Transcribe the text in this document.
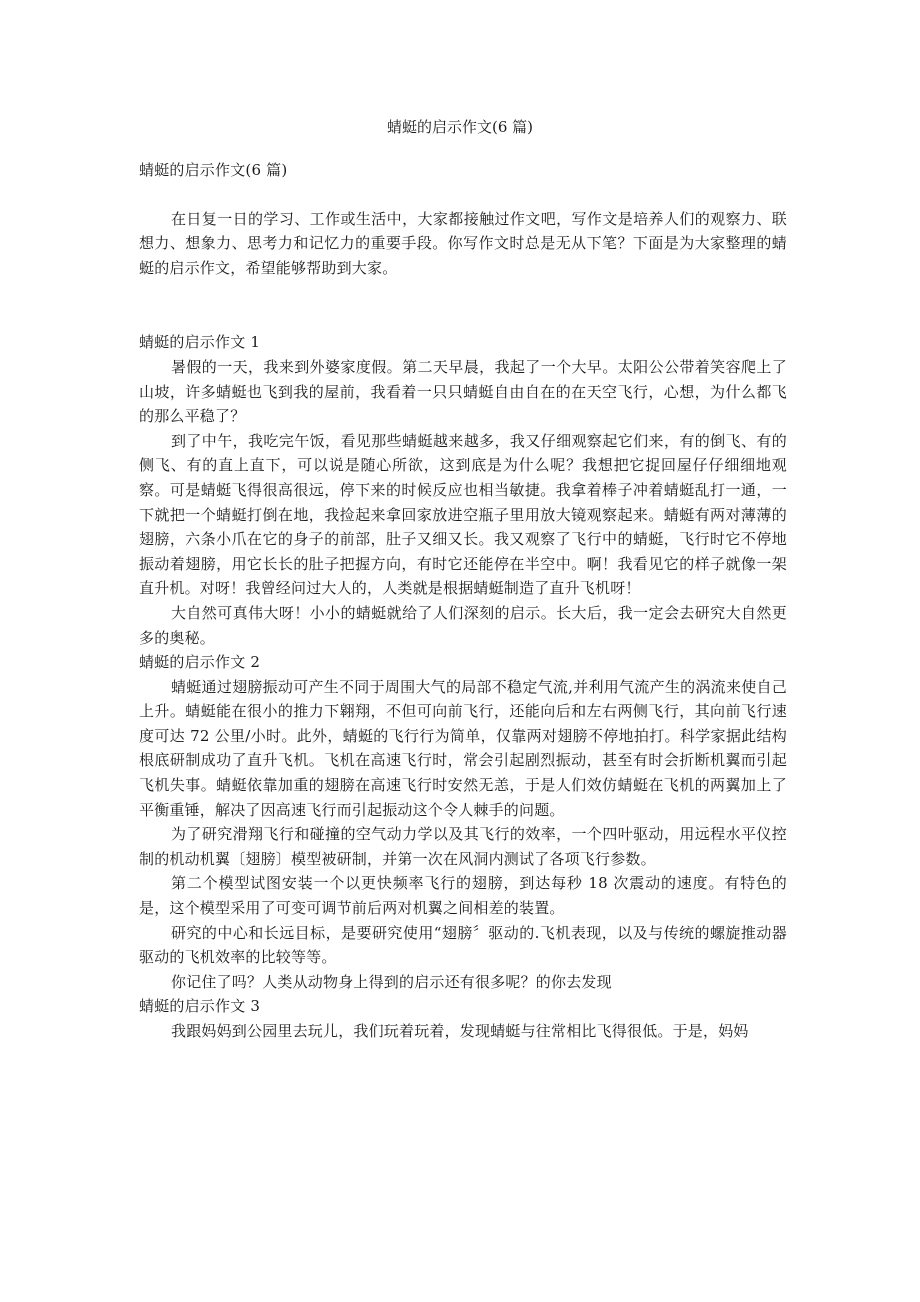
蜻蜓的启示作文(6 篇)

蜻蜓的启示作文(6 篇)

在日复一日的学习、工作或生活中，大家都接触过作文吧，写作文是培养人们的观察力、联想力、想象力、思考力和记忆力的重要手段。你写作文时总是无从下笔？下面是为大家整理的蜻蜓的启示作文，希望能够帮助到大家。

蜻蜓的启示作文 1

暑假的一天，我来到外婆家度假。第二天早晨，我起了一个大早。太阳公公带着笑容爬上了山坡，许多蜻蜓也飞到我的屋前，我看着一只只蜻蜓自由自在的在天空飞行，心想，为什么都飞的那么平稳了？

到了中午，我吃完午饭，看见那些蜻蜓越来越多，我又仔细观察起它们来，有的倒飞、有的侧飞、有的直上直下，可以说是随心所欲，这到底是为什么呢？我想把它捉回屋仔仔细细地观察。可是蜻蜓飞得很高很远，停下来的时候反应也相当敏捷。我拿着棒子冲着蜻蜓乱打一通，一下就把一个蜻蜓打倒在地，我捡起来拿回家放进空瓶子里用放大镜观察起来。蜻蜓有两对薄薄的翅膀，六条小爪在它的身子的前部，肚子又细又长。我又观察了飞行中的蜻蜓，飞行时它不停地振动着翅膀，用它长长的肚子把握方向，有时它还能停在半空中。啊！我看见它的样子就像一架直升机。对呀！我曾经问过大人的，人类就是根据蜻蜓制造了直升飞机呀！

大自然可真伟大呀！小小的蜻蜓就给了人们深刻的启示。长大后，我一定会去研究大自然更多的奥秘。

蜻蜓的启示作文 2

蜻蜓通过翅膀振动可产生不同于周围大气的局部不稳定气流,并利用气流产生的涡流来使自己上升。蜻蜓能在很小的推力下翱翔，不但可向前飞行，还能向后和左右两侧飞行，其向前飞行速度可达 72 公里/小时。此外，蜻蜓的飞行行为简单，仅靠两对翅膀不停地拍打。科学家据此结构根底研制成功了直升飞机。飞机在高速飞行时，常会引起剧烈振动，甚至有时会折断机翼而引起飞机失事。蜻蜓依靠加重的翅膀在高速飞行时安然无恙，于是人们效仿蜻蜓在飞机的两翼加上了平衡重锤，解决了因高速飞行而引起振动这个令人棘手的问题。

为了研究滑翔飞行和碰撞的空气动力学以及其飞行的效率，一个四叶驱动，用远程水平仪控制的机动机翼〔翅膀〕模型被研制，并第一次在风洞内测试了各项飞行参数。

第二个模型试图安装一个以更快频率飞行的翅膀，到达每秒 18 次震动的速度。有特色的是，这个模型采用了可变可调节前后两对机翼之间相差的装置。

研究的中心和长远目标，是要研究使用“翅膀〞驱动的.飞机表现，以及与传统的螺旋推动器驱动的飞机效率的比较等等。

你记住了吗？人类从动物身上得到的启示还有很多呢？的你去发现

蜻蜓的启示作文 3

我跟妈妈到公园里去玩儿，我们玩着玩着，发现蜻蜓与往常相比飞得很低。于是，妈妈
